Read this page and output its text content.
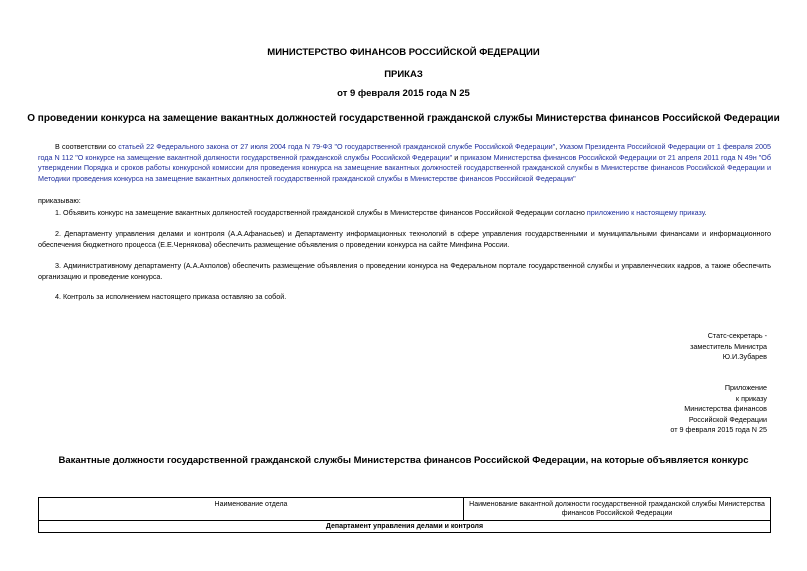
МИНИСТЕРСТВО ФИНАНСОВ РОССИЙСКОЙ ФЕДЕРАЦИИ
ПРИКАЗ
от 9 февраля 2015 года N 25
О проведении конкурса на замещение вакантных должностей государственной гражданской службы Министерства финансов Российской Федерации
В соответствии со статьей 22 Федерального закона от 27 июля 2004 года N 79-ФЗ "О государственной гражданской службе Российской Федерации", Указом Президента Российской Федерации от 1 февраля 2005 года N 112 "О конкурсе на замещение вакантной должности государственной гражданской службы Российской Федерации" и приказом Министерства финансов Российской Федерации от 21 апреля 2011 года N 49н "Об утверждении Порядка и сроков работы конкурсной комиссии для проведения конкурса на замещение вакантных должностей государственной гражданской службы в Министерстве финансов Российской Федерации и Методики проведения конкурса на замещение вакантных должностей государственной гражданской службы в Министерстве финансов Российской Федерации"
приказываю:
1. Объявить конкурс на замещение вакантных должностей государственной гражданской службы в Министерстве финансов Российской Федерации согласно приложению к настоящему приказу.
2. Департаменту управления делами и контроля (А.А.Афанасьев) и Департаменту информационных технологий в сфере управления государственными и муниципальными финансами и информационного обеспечения бюджетного процесса (Е.Е.Чернякова) обеспечить размещение объявления о проведении конкурса на сайте Минфина России.
3. Административному департаменту (А.А.Ахполов) обеспечить размещение объявления о проведении конкурса на Федеральном портале государственной службы и управленческих кадров, а также обеспечить организацию и проведение конкурса.
4. Контроль за исполнением настоящего приказа оставляю за собой.
Статс-секретарь -
заместитель Министра
Ю.И.Зубарев
Приложение
к приказу
Министерства финансов
Российской Федерации
от 9 февраля 2015 года N 25
Вакантные должности государственной гражданской службы Министерства финансов Российской Федерации, на которые объявляется конкурс
Наименование отдела	Наименование вакантной должности государственной гражданской службы Министерства финансов Российской Федерации
Департамент управления делами и контроля
